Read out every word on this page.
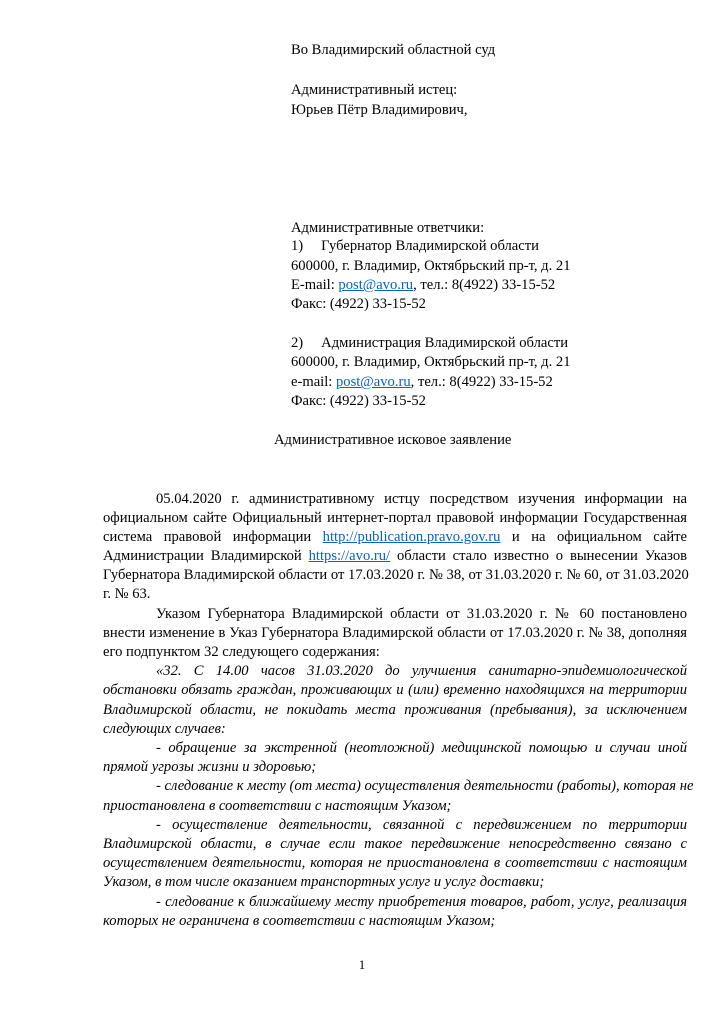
Во Владимирский областной суд
Административный истец:
Юрьев Пётр Владимирович,
Административные ответчики:
1) Губернатор Владимирской области
600000, г. Владимир, Октябрьский пр-т, д. 21
E-mail: post@avo.ru, тел.: 8(4922) 33-15-52
Факс: (4922) 33-15-52
2) Администрация Владимирской области
600000, г. Владимир, Октябрьский пр-т, д. 21
e-mail: post@avo.ru, тел.: 8(4922) 33-15-52
Факс: (4922) 33-15-52
Административное исковое заявление
05.04.2020 г. административному истцу посредством изучения информации на
официальном сайте Официальный интернет-портал правовой информации Государственная
система правовой информации http://publication.pravo.gov.ru и на официальном сайте
Администрации Владимирской https://avo.ru/ области стало известно о вынесении Указов
Губернатора Владимирской области от 17.03.2020 г. № 38, от 31.03.2020 г. № 60, от 31.03.2020
г. № 63.
Указом Губернатора Владимирской области от 31.03.2020 г. № 60 постановлено
внести изменение в Указ Губернатора Владимирской области от 17.03.2020 г. № 38, дополняя
его подпунктом 32 следующего содержания:
«32. С 14.00 часов 31.03.2020 до улучшения санитарно-эпидемиологической
обстановки обязать граждан, проживающих и (или) временно находящихся на территории
Владимирской области, не покидать места проживания (пребывания), за исключением
следующих случаев:
- обращение за экстренной (неотложной) медицинской помощью и случаи иной
прямой угрозы жизни и здоровью;
- следование к месту (от места) осуществления деятельности (работы), которая не
приостановлена в соответствии с настоящим Указом;
- осуществление деятельности, связанной с передвижением по территории
Владимирской области, в случае если такое передвижение непосредственно связано с
осуществлением деятельности, которая не приостановлена в соответствии с настоящим
Указом, в том числе оказанием транспортных услуг и услуг доставки;
- следование к ближайшему месту приобретения товаров, работ, услуг, реализация
которых не ограничена в соответствии с настоящим Указом;
1
